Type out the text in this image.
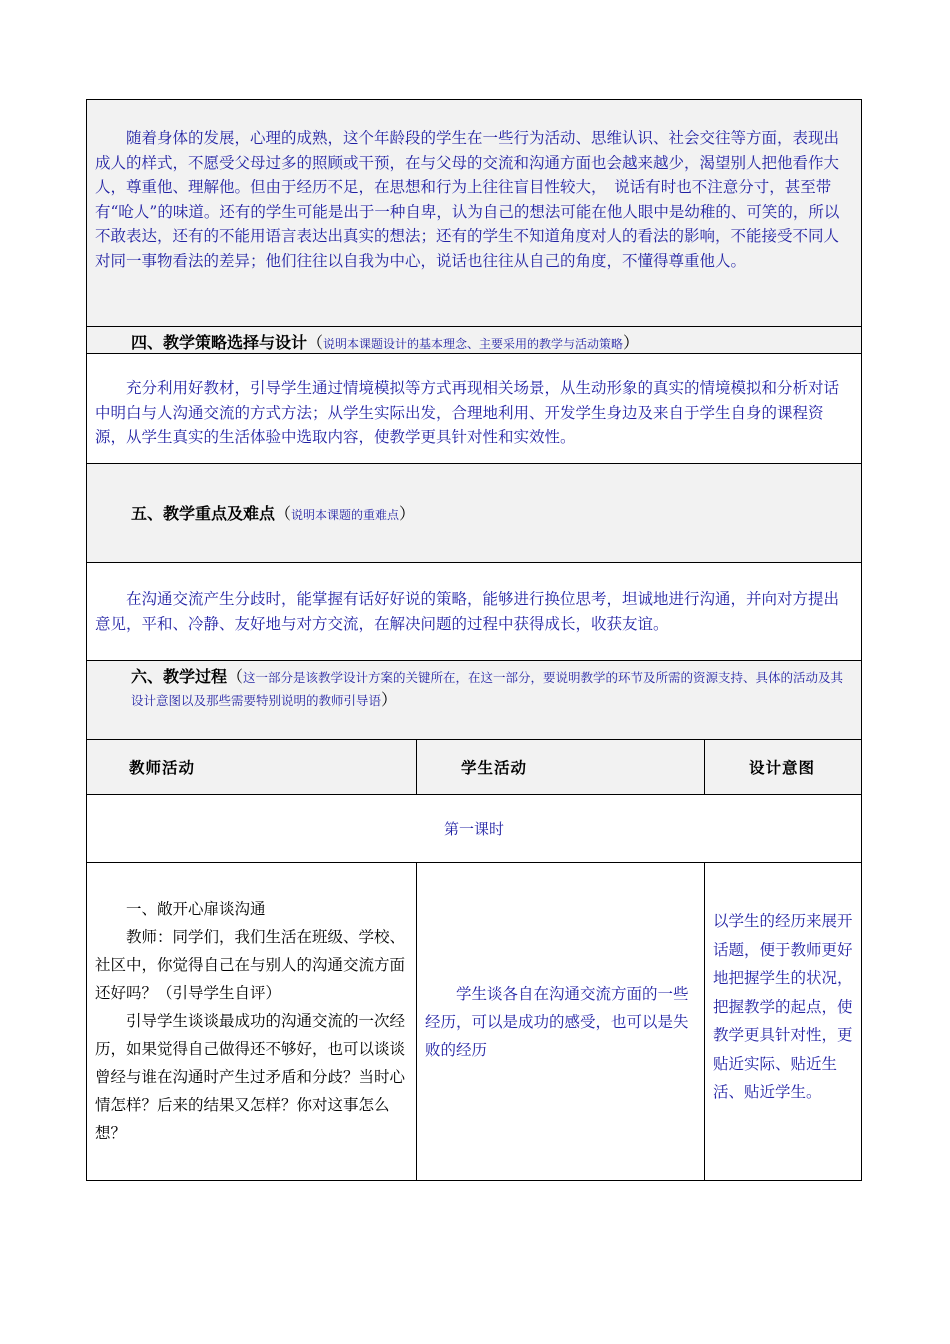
随着身体的发展，心理的成熟，这个年龄段的学生在一些行为活动、思维认识、社会交往等方面，表现出成人的样式，不愿受父母过多的照顾或干预，在与父母的交流和沟通方面也会越来越少，渴望别人把他看作大人，尊重他、理解他。但由于经历不足，在思想和行为上往往盲目性较大，　说话有时也不注意分寸，甚至带有“呛人”的味道。还有的学生可能是出于一种自卑，认为自己的想法可能在他人眼中是幼稚的、可笑的，所以不敢表达，还有的不能用语言表达出真实的想法；还有的学生不知道角度对人的看法的影响，不能接受不同人对同一事物看法的差异；他们往往以自我为中心，说话也往往从自己的角度，不懂得尊重他人。

四、教学策略选择与设计（说明本课题设计的基本理念、主要采用的教学与活动策略）

充分利用好教材，引导学生通过情境模拟等方式再现相关场景，从生动形象的真实的情境模拟和分析对话中明白与人沟通交流的方式方法；从学生实际出发，合理地利用、开发学生身边及来自于学生自身的课程资源，从学生真实的生活体验中选取内容，使教学更具针对性和实效性。

五、教学重点及难点（说明本课题的重难点）

在沟通交流产生分歧时，能掌握有话好好说的策略，能够进行换位思考，坦诚地进行沟通，并向对方提出意见，平和、冷静、友好地与对方交流，在解决问题的过程中获得成长，收获友谊。

六、教学过程（这一部分是该教学设计方案的关键所在，在这一部分，要说明教学的环节及所需的资源支持、具体的活动及其设计意图以及那些需要特别说明的教师引导语）
教师活动	学生活动	设计意图
第一课时

一、敞开心扉谈沟通

教师：同学们，我们生活在班级、学校、社区中，你觉得自己在与别人的沟通交流方面还好吗？（引导学生自评）

引导学生谈谈最成功的沟通交流的一次经历，如果觉得自己做得还不够好，也可以谈谈曾经与谁在沟通时产生过矛盾和分歧？当时心情怎样？后来的结果又怎样？你对这事怎么想？

学生谈各自在沟通交流方面的一些经历，可以是成功的感受，也可以是失败的经历

以学生的经历来展开话题，便于教师更好地把握学生的状况，把握教学的起点，使教学更具针对性，更贴近实际、贴近生活、贴近学生。
